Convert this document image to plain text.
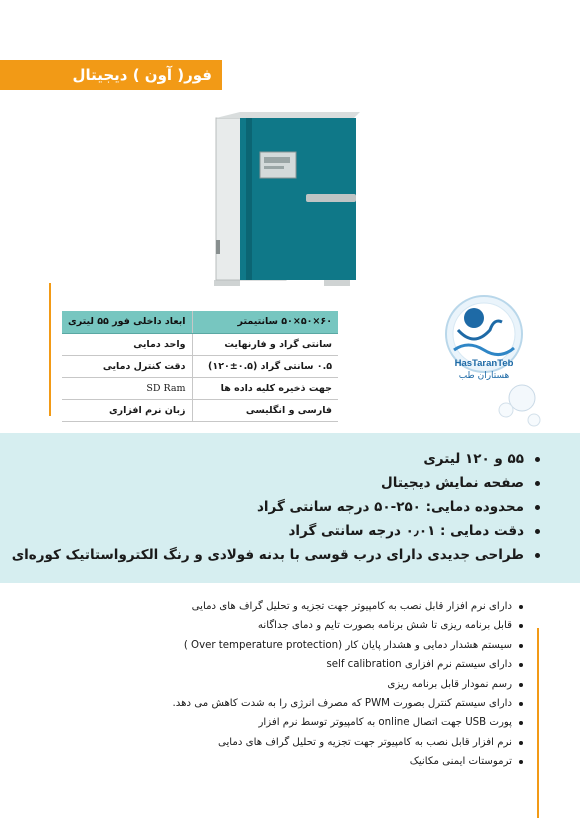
فور( آون ) دیجیتال
۶۰×۵۰×۵۰ سانتیمتر	ابعاد داخلی فور ۵۵ لیتری
سانتی گراد و فارنهایت	واحد دمایی
۰.۵ سانتی گراد (۰.۵±۱۲۰)	دقت کنترل دمایی
جهت ذخیره کلیه داده ها	SD Ram
فارسی و انگلیسی	زبان نرم افزاری
HasTaranTeb
هستاران طب
۵۵ و ۱۲۰ لیتری
صفحه نمایش دیجیتال
محدوده دمایی: ۲۵۰-۵۰ درجه سانتی گراد
دقت دمایی : ۰٫۰۱ درجه سانتی گراد
طراحی جدیدی دارای درب قوسی با بدنه فولادی و رنگ الکترواستاتیک کوره‌ای
دارای نرم افزار قابل نصب به کامپیوتر جهت تجزیه و تحلیل گراف های دمایی
قابل برنامه ریزی تا شش برنامه بصورت تایم و دمای جداگانه
سیستم هشدار دمایی و هشدار پایان کار (Over temperature protection )
دارای سیستم نرم افزاری self calibration
رسم نمودار قابل برنامه ریزی
دارای سیستم کنترل بصورت PWM که مصرف انرژی را به شدت کاهش می دهد.
پورت USB جهت اتصال online به کامپیوتر توسط نرم افزار
نرم افزار قابل نصب به کامپیوتر جهت تجزیه و تحلیل گراف های دمایی
ترموستات ایمنی مکانیک
